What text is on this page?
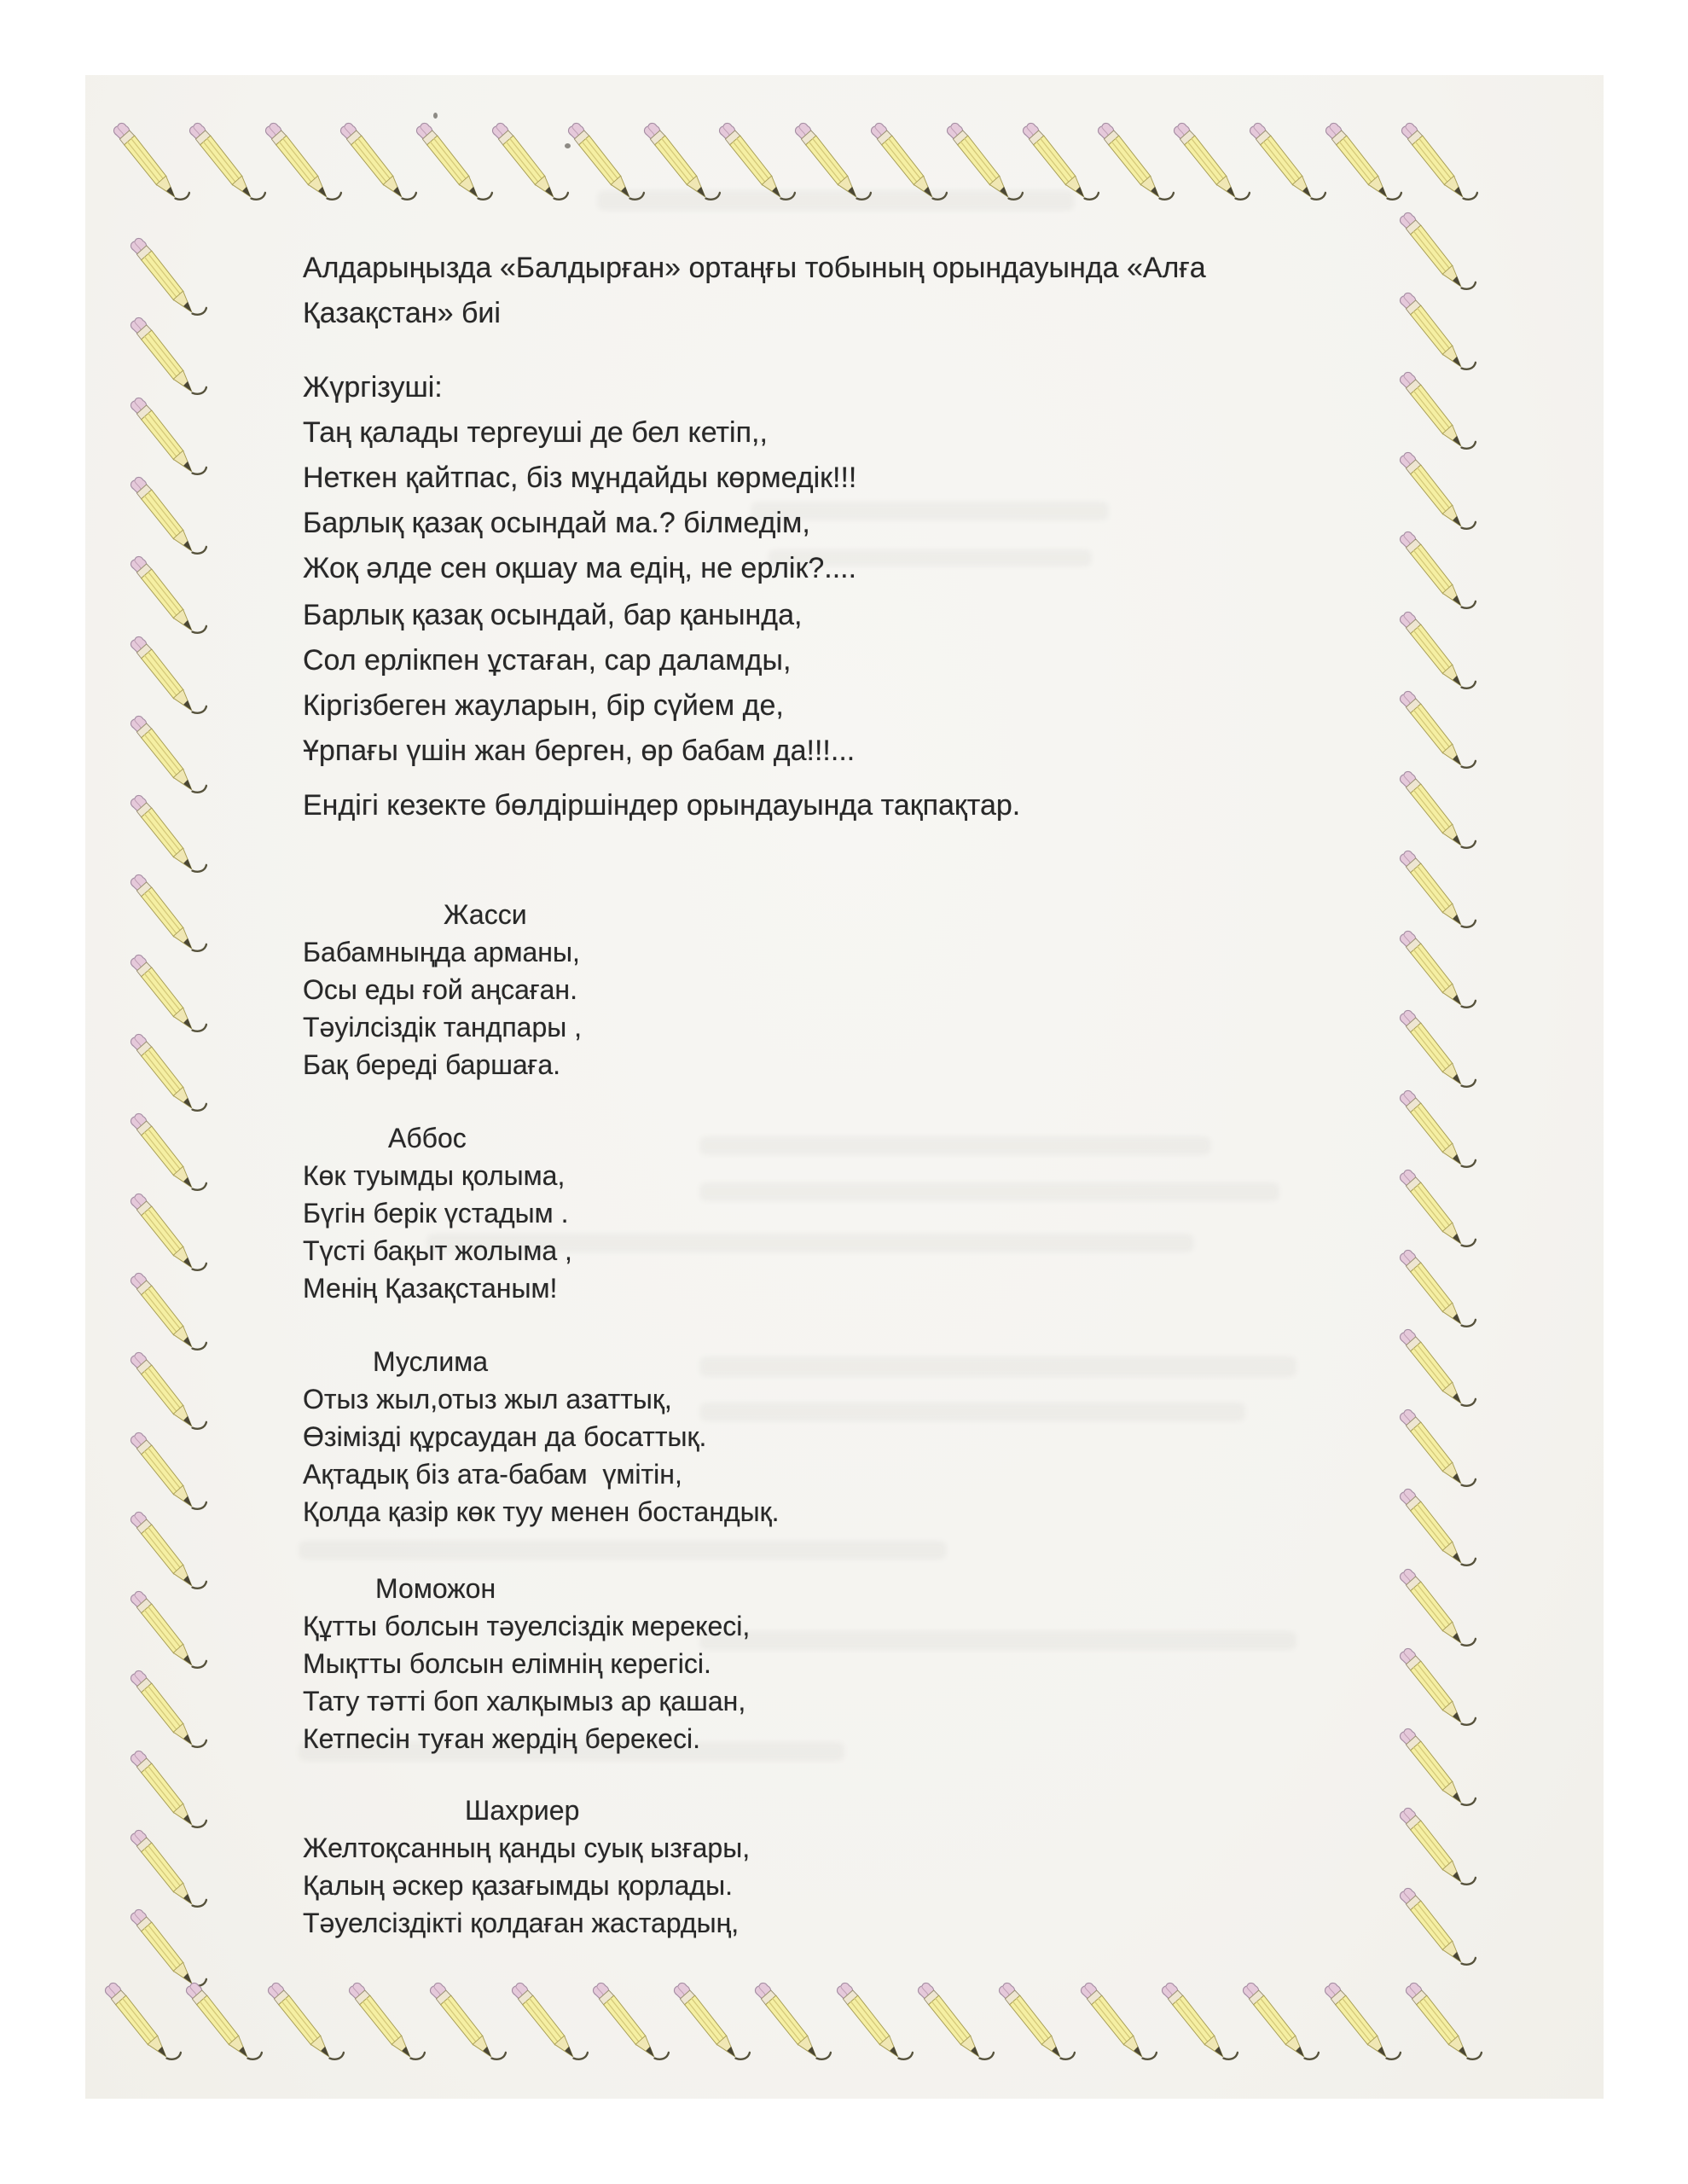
Алдарыңызда «Балдырған» ортаңғы тобының орындауында «Алға
Қазақстан» биі
Жүргізуші:
Таң қалады тергеуші де бел кетіп,,
Неткен қайтпас, біз мұндайды көрмедік!!!
Барлық қазақ осындай ма.? білмедім,
Жоқ әлде сен оқшау ма едің, не ерлік?....
Барлық қазақ осындай, бар қанында,
Сол ерлікпен ұстаған, сар даламды,
Кіргізбеген жауларын, бір сүйем де,
Ұрпағы үшін жан берген, өр бабам да!!!...
Ендігі кезекте бөлдіршіндер орындауында тақпақтар.
Жасси
Бабамныңда арманы,
Осы еды ғой аңсаған.
Тәуілсіздік тандпары ,
Бақ береді баршаға.
Аббос
Көк туымды қолыма,
Бүгін берік үстадым .
Түсті бақыт жолыма ,
Менің Қазақстаным!
Муслима
Отыз жыл,отыз жыл азаттық,
Өзімізді құрсаудан да босаттық.
Ақтадық біз ата-бабам  үмітін,
Қолда қазір көк туу менен бостандық.
Моможон
Құтты болсын тәуелсіздік мерекесі,
Мықтты болсын елімнің керегісі.
Тату тәтті боп халқымыз ар қашан,
Кетпесін туған жердің берекесі.
Шахриер
Желтоқсанның қанды суық ызғары,
Қалың әскер қазағымды қорлады.
Тәуелсіздікті қолдаған жастардың,
